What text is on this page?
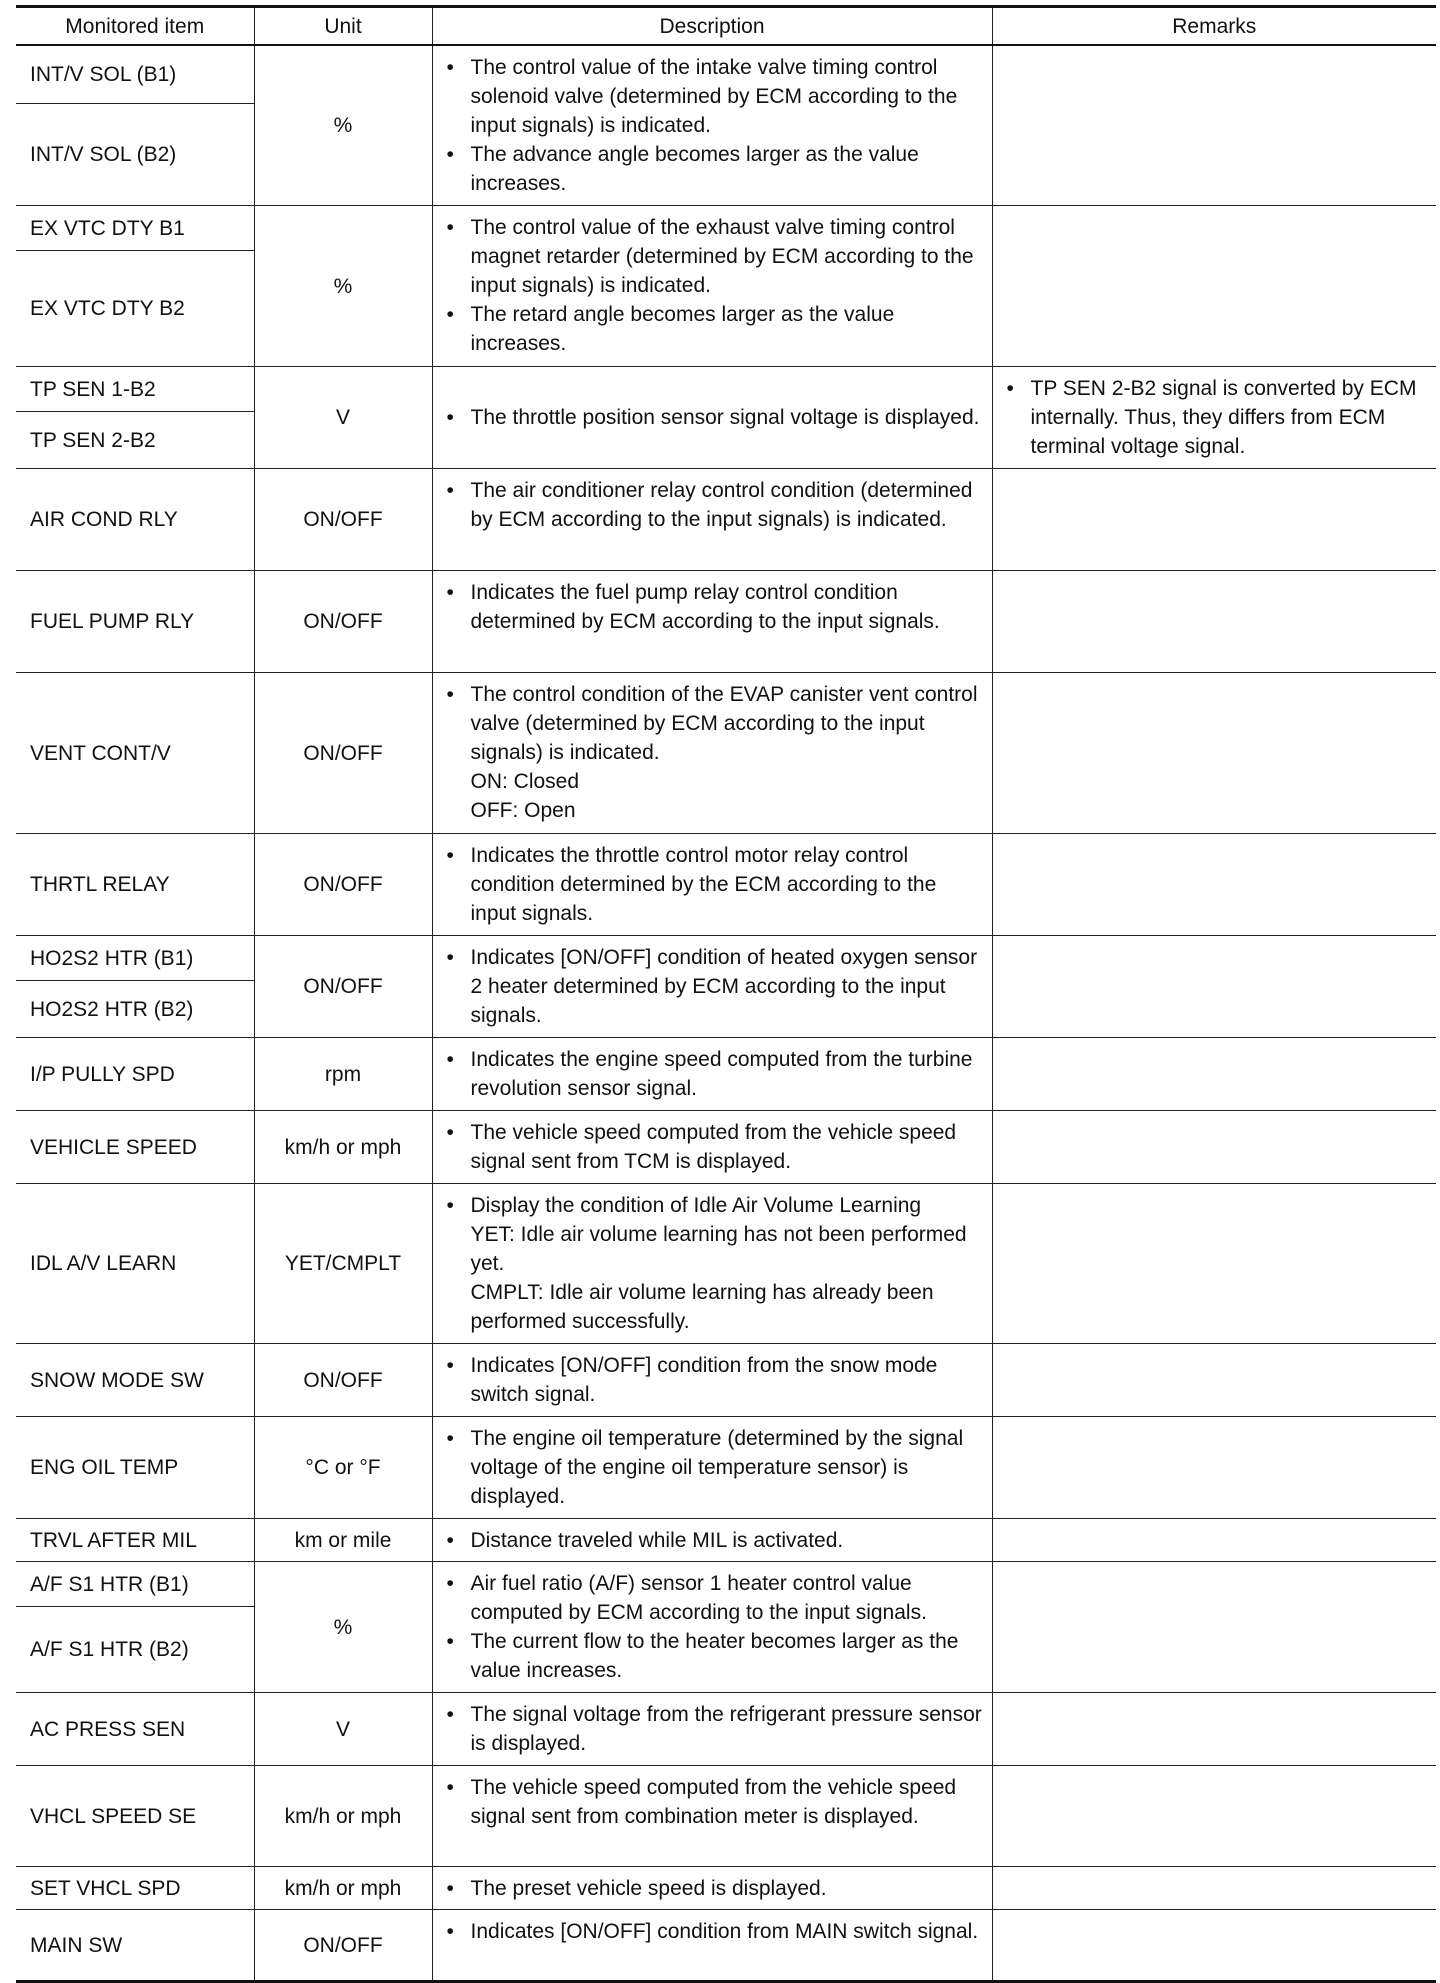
Monitored item	Unit	Description	Remarks
INT/V SOL (B1)	%	• The control value of the intake valve timing control solenoid valve (determined by ECM according to the input signals) is indicated.
• The advance angle becomes larger as the value increases.

INT/V SOL (B2)			
EX VTC DTY B1	%	• The control value of the exhaust valve timing control magnet retarder (determined by ECM according to the input signals) is indicated.
• The retard angle becomes larger as the value increases.

EX VTC DTY B2			
TP SEN 1-B2	V	• The throttle position sensor signal voltage is displayed.	• TP SEN 2-B2 signal is converted by ECM internally. Thus, they differs from ECM terminal voltage signal.

TP SEN 2-B2			
AIR COND RLY	ON/OFF	• The air conditioner relay control condition (determined by ECM according to the input signals) is indicated.

FUEL PUMP RLY	ON/OFF	• Indicates the fuel pump relay control condition determined by ECM according to the input signals.

VENT CONT/V	ON/OFF	• The control condition of the EVAP canister vent control valve (determined by ECM according to the input signals) is indicated.
ON: Closed
OFF: Open

THRTL RELAY	ON/OFF	• Indicates the throttle control motor relay control condition determined by the ECM according to the input signals.

HO2S2 HTR (B1)	ON/OFF	• Indicates [ON/OFF] condition of heated oxygen sensor 2 heater determined by ECM according to the input signals.

HO2S2 HTR (B2)			
I/P PULLY SPD	rpm	• Indicates the engine speed computed from the turbine revolution sensor signal.

VEHICLE SPEED	km/h or mph	• The vehicle speed computed from the vehicle speed signal sent from TCM is displayed.

IDL A/V LEARN	YET/CMPLT	• Display the condition of Idle Air Volume Learning
YET: Idle air volume learning has not been performed yet.
CMPLT: Idle air volume learning has already been performed successfully.

SNOW MODE SW	ON/OFF	• Indicates [ON/OFF] condition from the snow mode switch signal.

ENG OIL TEMP	°C or °F	• The engine oil temperature (determined by the signal voltage of the engine oil temperature sensor) is displayed.

TRVL AFTER MIL	km or mile	• Distance traveled while MIL is activated.

A/F S1 HTR (B1)	%	• Air fuel ratio (A/F) sensor 1 heater control value computed by ECM according to the input signals.
• The current flow to the heater becomes larger as the value increases.

A/F S1 HTR (B2)			
AC PRESS SEN	V	• The signal voltage from the refrigerant pressure sensor is displayed.

VHCL SPEED SE	km/h or mph	• The vehicle speed computed from the vehicle speed signal sent from combination meter is displayed.

SET VHCL SPD	km/h or mph	• The preset vehicle speed is displayed.

MAIN SW	ON/OFF	• Indicates [ON/OFF] condition from MAIN switch signal.
